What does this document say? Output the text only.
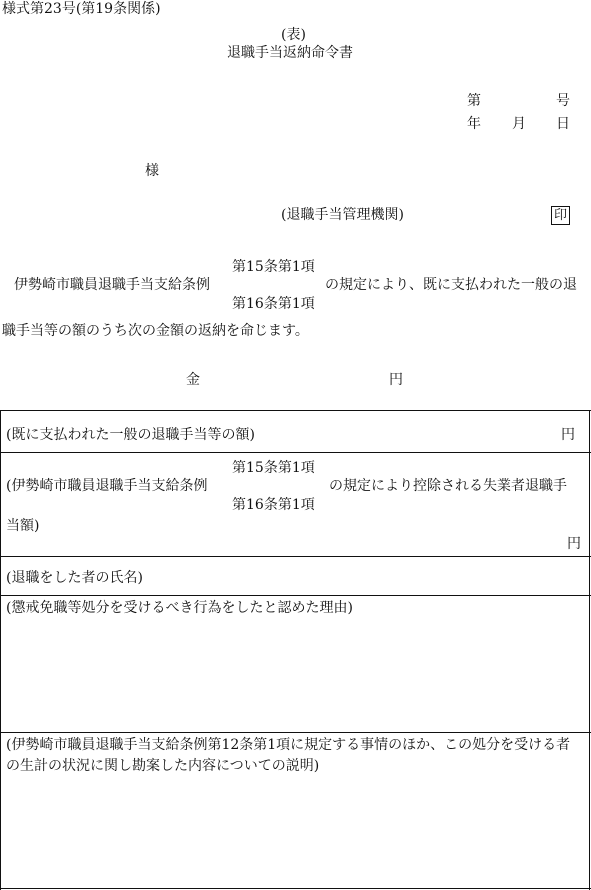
様式第23号(第19条関係)
(表)
退職手当返納命令書
第	号
年 月 日
様
(退職手当管理機関)	印
第15条第1項
伊勢崎市職員退職手当支給条例	の規定により、既に支払われた一般の退
第16条第1項
職手当等の額のうち次の金額の返納を命じます。
金	円
(既に支払われた一般の退職手当等の額)	円
第15条第1項
(伊勢崎市職員退職手当支給条例	の規定により控除される失業者退職手
第16条第1項
当額)
円
(退職をした者の氏名)
(懲戒免職等処分を受けるべき行為をしたと認めた理由)
(伊勢崎市職員退職手当支給条例第12条第1項に規定する事情のほか、この処分を受ける者
の生計の状況に関し勘案した内容についての説明)
